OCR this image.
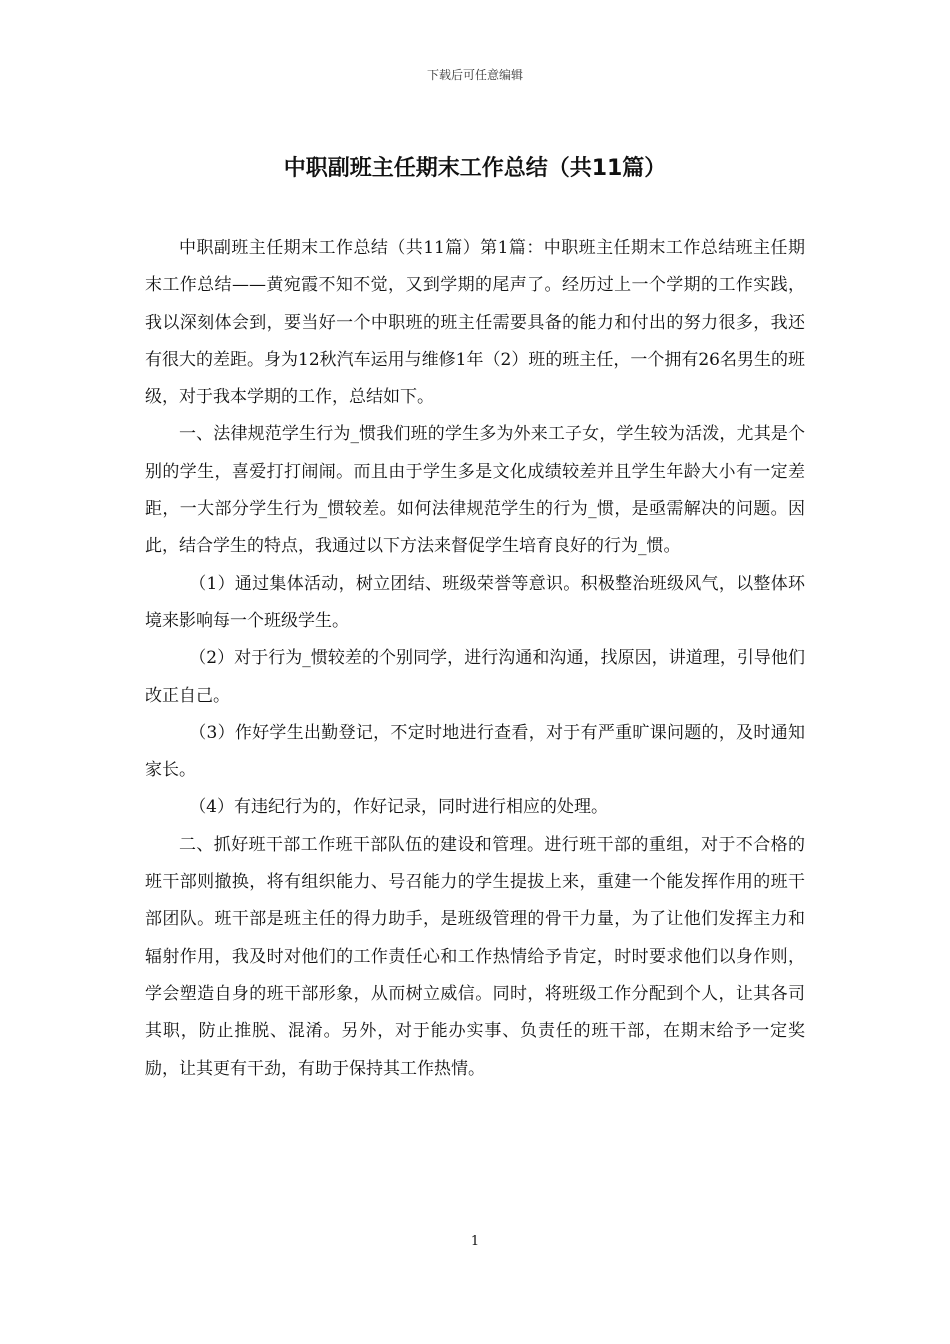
下载后可任意编辑
中职副班主任期末工作总结（共11篇）

中职副班主任期末工作总结（共11篇）第1篇：中职班主任期末工作总结班主任期末工作总结——黄宛霞不知不觉，又到学期的尾声了。经历过上一个学期的工作实践，我以深刻体会到，要当好一个中职班的班主任需要具备的能力和付出的努力很多，我还有很大的差距。身为12秋汽车运用与维修1年（2）班的班主任，一个拥有26名男生的班级，对于我本学期的工作，总结如下。

一、法律规范学生行为_惯我们班的学生多为外来工子女，学生较为活泼，尤其是个别的学生，喜爱打打闹闹。而且由于学生多是文化成绩较差并且学生年龄大小有一定差距，一大部分学生行为_惯较差。如何法律规范学生的行为_惯，是亟需解决的问题。因此，结合学生的特点，我通过以下方法来督促学生培育良好的行为_惯。

（1）通过集体活动，树立团结、班级荣誉等意识。积极整治班级风气，以整体环境来影响每一个班级学生。

（2）对于行为_惯较差的个别同学，进行沟通和沟通，找原因，讲道理，引导他们改正自己。

（3）作好学生出勤登记，不定时地进行查看，对于有严重旷课问题的，及时通知家长。

（4）有违纪行为的，作好记录，同时进行相应的处理。

二、抓好班干部工作班干部队伍的建设和管理。进行班干部的重组，对于不合格的班干部则撤换，将有组织能力、号召能力的学生提拔上来，重建一个能发挥作用的班干部团队。班干部是班主任的得力助手，是班级管理的骨干力量，为了让他们发挥主力和辐射作用，我及时对他们的工作责任心和工作热情给予肯定，时时要求他们以身作则，学会塑造自身的班干部形象，从而树立威信。同时，将班级工作分配到个人，让其各司其职，防止推脱、混淆。另外，对于能办实事、负责任的班干部，在期末给予一定奖励，让其更有干劲，有助于保持其工作热情。

1
